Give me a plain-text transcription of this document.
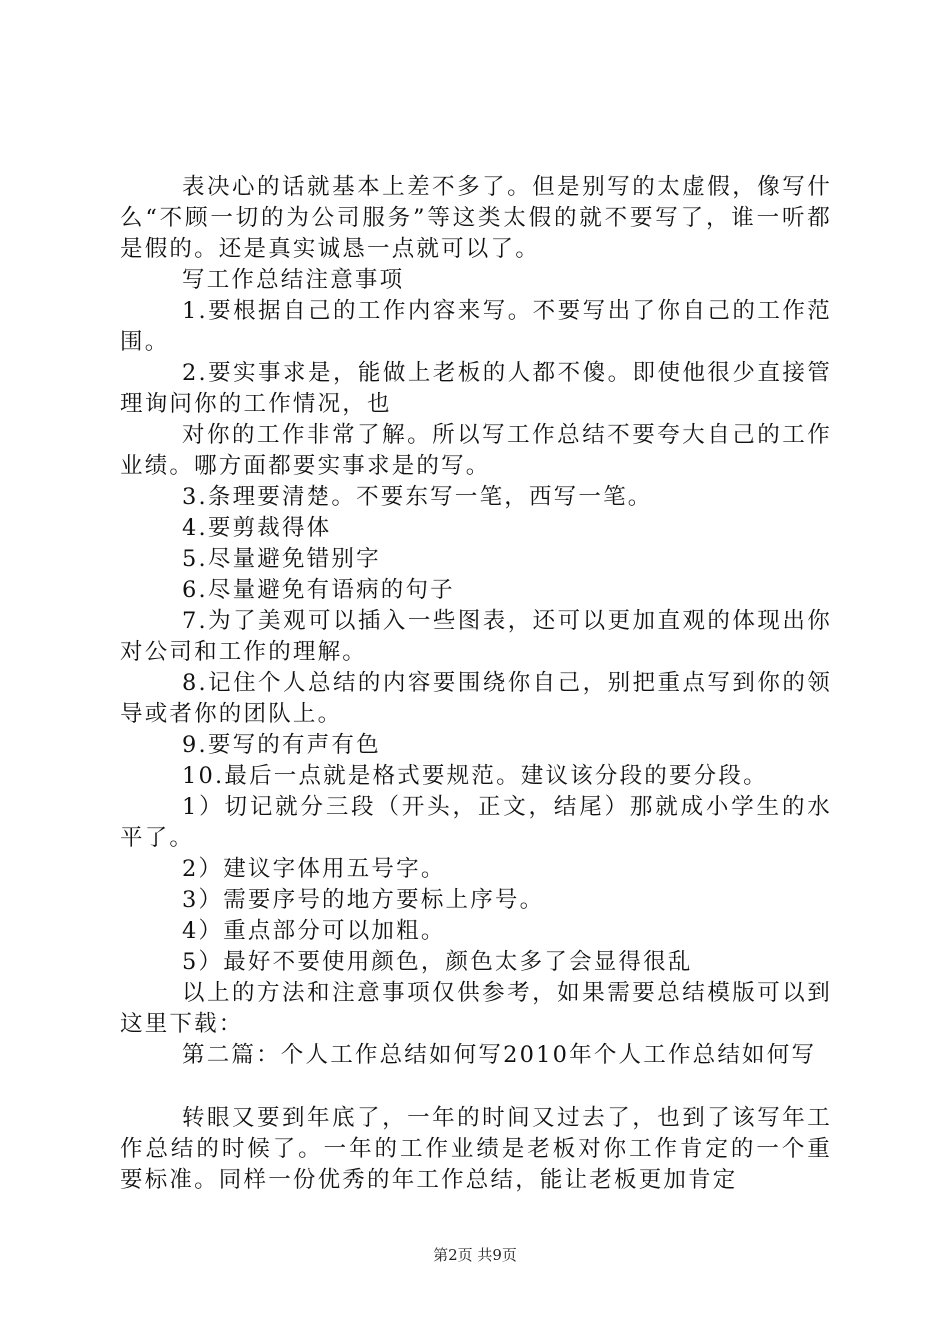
表决心的话就基本上差不多了。但是别写的太虚假，像写什么“不顾一切的为公司服务”等这类太假的就不要写了，谁一听都是假的。还是真实诚恳一点就可以了。

写工作总结注意事项

1.要根据自己的工作内容来写。不要写出了你自己的工作范围。

2.要实事求是，能做上老板的人都不傻。即使他很少直接管理询问你的工作情况，也

对你的工作非常了解。所以写工作总结不要夸大自己的工作业绩。哪方面都要实事求是的写。

3.条理要清楚。不要东写一笔，西写一笔。

4.要剪裁得体

5.尽量避免错别字

6.尽量避免有语病的句子

7.为了美观可以插入一些图表，还可以更加直观的体现出你对公司和工作的理解。

8.记住个人总结的内容要围绕你自己，别把重点写到你的领导或者你的团队上。

9.要写的有声有色

10.最后一点就是格式要规范。建议该分段的要分段。

1）切记就分三段（开头，正文，结尾）那就成小学生的水平了。

2）建议字体用五号字。

3）需要序号的地方要标上序号。

4）重点部分可以加粗。

5）最好不要使用颜色，颜色太多了会显得很乱

以上的方法和注意事项仅供参考，如果需要总结模版可以到这里下载：

第二篇：个人工作总结如何写2010年个人工作总结如何写

转眼又要到年底了，一年的时间又过去了，也到了该写年工作总结的时候了。一年的工作业绩是老板对你工作肯定的一个重要标准。同样一份优秀的年工作总结，能让老板更加肯定

第2页 共9页
